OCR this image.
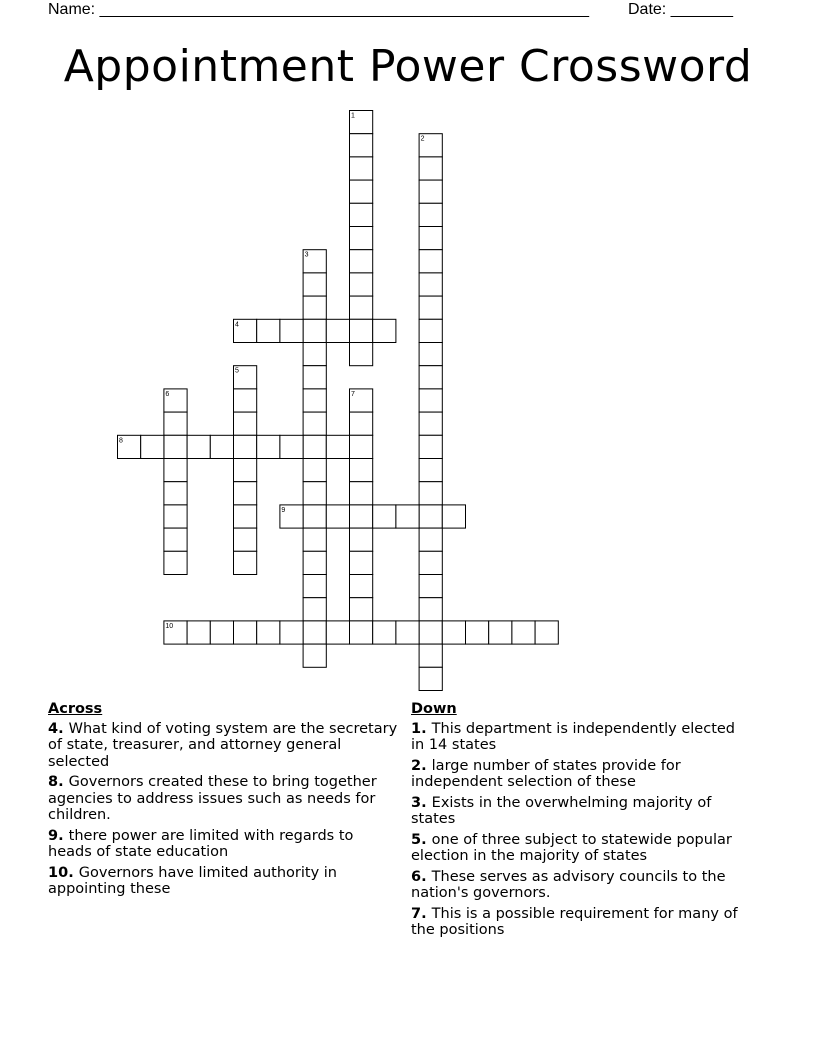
Name: _______________________________________________________ Date: _______
Appointment Power Crossword
1
2
3
4
5
6	7
8
9
10
Across
4. What kind of voting system are the secretary of state, treasurer, and attorney general selected
8. Governors created these to bring together agencies to address issues such as needs for children.
9. there power are limited with regards to heads of state education
10. Governors have limited authority in appointing these
Down
1. This department is independently elected in 14 states
2. large number of states provide for independent selection of these
3. Exists in the overwhelming majority of states
5. one of three subject to statewide popular election in the majority of states
6. These serves as advisory councils to the nation's governors.
7. This is a possible requirement for many of the positions
